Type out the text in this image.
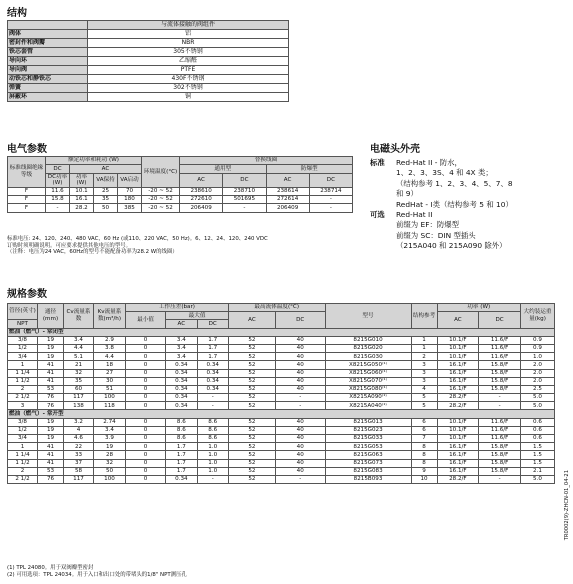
结构
	与流体接触的阀组件
阀体	铝
密封件和阀瓣	NBR
铁芯套管	305不锈钢
导向环	乙缩醛
导向阀	PTFE
动铁芯和静铁芯	430F不锈钢
弹簧	302不锈钢
屏蔽环	铜
电气参数
标准线圈绝缘等级	额定功率和耗功 (W)				环境温度(°C)	替换线圈			
	DC	AC				通用型		防爆型	
	DC功率(W)	功率(W)	VA保持	VA启动		AC	DC	AC	DC
F	11.6	10.1	25	70	-20 ~ 52	238610	238710	238614	238714
F	15.8	16.1	35	180	-20 ~ 52	272610	501695	272614	-
F	-	28.2	50	385	-20 ~ 52	206409	-	206409	-
标准电压: 24、120、240、480 VAC，60 Hz (或110、220 VAC，50 Hz)。6、12、24、120、240 VDC
订购时须明确说明。可应要求提供其他电压的型号。
（注释：电压为24 VAC，60Hz的型号不能配备功率为28.2 W的线圈）
电磁头外壳
标准 Red-Hat II - 防水，
1、2、3、3S、4 和 4X 类；
（结构参考 1、2、3、4、5、7、8
和 9）
RedHat - I类（结构参考 5 和 10）
可选 Red-Hat II
前缀为 EF：防爆型
前缀为 SC：DIN 型插头
（215A040 和 215A090 除外）
规格参数
管径(英寸)	通径(mm)	Cv流量系数	Kv流量系数(m³/h)	工作压差(bar)			最高流体温度(°C)		型号	结构参考	功率 (W)		大约装运重量(kg)
				最小值	最大值		AC	DC			AC	DC	
NPT					AC	DC							
燃油（燃气）- 常闭型													
3/8	19	3.4	2.9	0	3.4	1.7	52	40	8215G010	1	10.1/F	11.6/F	0.9
1/2	19	4.4	3.8	0	3.4	1.7	52	40	8215G020	1	10.1/F	11.6/F	0.9
3/4	19	5.1	4.4	0	3.4	1.7	52	40	8215G030	2	10.1/F	11.6/F	1.0
1	41	21	18	0	0.34	0.34	52	40	X8215G050⁽¹⁾	3	16.1/F	15.8/F	2.0
1 1/4	41	32	27	0	0.34	0.34	52	40	X8215G060⁽¹⁾	3	16.1/F	15.8/F	2.0
1 1/2	41	35	30	0	0.34	0.34	52	40	X8215G070⁽¹⁾	3	16.1/F	15.8/F	2.0
2	53	60	51	0	0.34	0.34	52	40	X8215G080⁽¹⁾	4	16.1/F	15.8/F	2.5
2 1/2	76	117	100	0	0.34	-	52	-	X8215A090⁽¹⁾	5	28.2/F	-	5.0
3	76	138	118	0	0.34	-	52	-	X8215A040⁽¹⁾	5	28.2/F	-	5.0
燃油（燃气）- 常开型													
3/8	19	3.2	2.74	0	8.6	8.6	52	40	8215G013	6	10.1/F	11.6/F	0.6
1/2	19	4	3.4	0	8.6	8.6	52	40	8215G023	6	10.1/F	11.6/F	0.6
3/4	19	4.6	3.9	0	8.6	8.6	52	40	8215G033	7	10.1/F	11.6/F	0.6
1	41	22	19	0	1.7	1.0	52	40	8215G053	8	16.1/F	15.8/F	1.5
1 1/4	41	33	28	0	1.7	1.0	52	40	8215G063	8	16.1/F	15.8/F	1.5
1 1/2	41	37	32	0	1.7	1.0	52	40	8215G073	8	16.1/F	15.8/F	1.5
2	53	58	50	0	1.7	1.0	52	40	8215G083	9	16.1/F	15.8/F	2.1
2 1/2	76	117	100	0	0.34	-	52	-	8215B093	10	28.2/F	-	5.0
(1) TPL 24080。用于双阀瓣型密封
(2) 可用选项：TPL 24034。用于入口和出口处的带堵头的1/8" NPT测压孔
TR0002(9)-ZHCN-01_04-21
